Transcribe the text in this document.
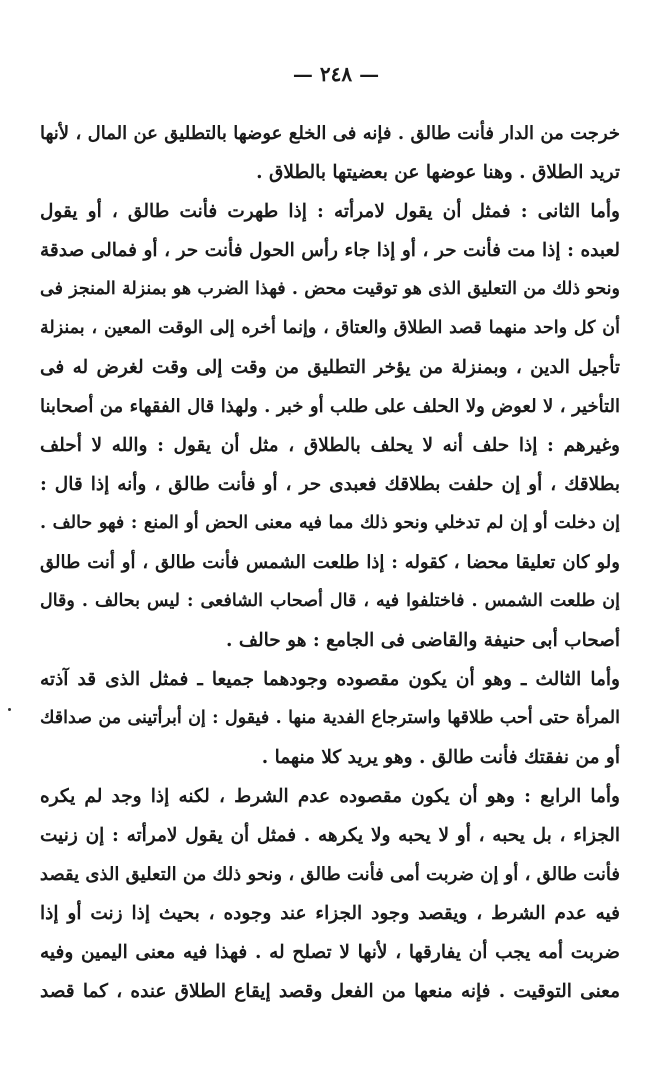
— ٢٤٨ —
خرجت من الدار فأنت طالق . فإنه فى الخلع عوضها بالتطليق عن المال ، لأنها
تريد الطلاق . وهنا عوضها عن بعضيتها بالطلاق .
وأما الثانى : فمثل أن يقول لامرأته : إذا طهرت فأنت طالق ، أو يقول
لعبده : إذا مت فأنت حر ، أو إذا جاء رأس الحول فأنت حر ، أو فمالى صدقة
ونحو ذلك من التعليق الذى هو توقيت محض . فهذا الضرب هو بمنزلة المنجز فى
أن كل واحد منهما قصد الطلاق والعتاق ، وإنما أخره إلى الوقت المعين ، بمنزلة
تأجيل الدين ، وبمنزلة من يؤخر التطليق من وقت إلى وقت لغرض له فى
التأخير ، لا لعوض ولا الحلف على طلب أو خبر . ولهذا قال الفقهاء من أصحابنا
وغيرهم : إذا حلف أنه لا يحلف بالطلاق ، مثل أن يقول : والله لا أحلف
بطلاقك ، أو إن حلفت بطلاقك فعبدى حر ، أو فأنت طالق ، وأنه إذا قال :
إن دخلت أو إن لم تدخلي ونحو ذلك مما فيه معنى الحض أو المنع : فهو حالف .
ولو كان تعليقا محضا ، كقوله : إذا طلعت الشمس فأنت طالق ، أو أنت طالق
إن طلعت الشمس . فاختلفوا فيه ، قال أصحاب الشافعى : ليس بحالف . وقال
أصحاب أبى حنيفة والقاضى فى الجامع : هو حالف .
وأما الثالث ـ وهو أن يكون مقصوده وجودهما جميعا ـ فمثل الذى قد آذته
المرأة حتى أحب طلاقها واسترجاع الفدية منها . فيقول : إن أبرأتينى من صداقك
أو من نفقتك فأنت طالق . وهو يريد كلا منهما .
وأما الرابع : وهو أن يكون مقصوده عدم الشرط ، لكنه إذا وجد لم يكره
الجزاء ، بل يحبه ، أو لا يحبه ولا يكرهه . فمثل أن يقول لامرأته : إن زنيت
فأنت طالق ، أو إن ضربت أمى فأنت طالق ، ونحو ذلك من التعليق الذى يقصد
فيه عدم الشرط ، ويقصد وجود الجزاء عند وجوده ، بحيث إذا زنت أو إذا
ضربت أمه يجب أن يفارقها ، لأنها لا تصلح له . فهذا فيه معنى اليمين وفيه
معنى التوقيت . فإنه منعها من الفعل وقصد إيقاع الطلاق عنده ، كما قصد
